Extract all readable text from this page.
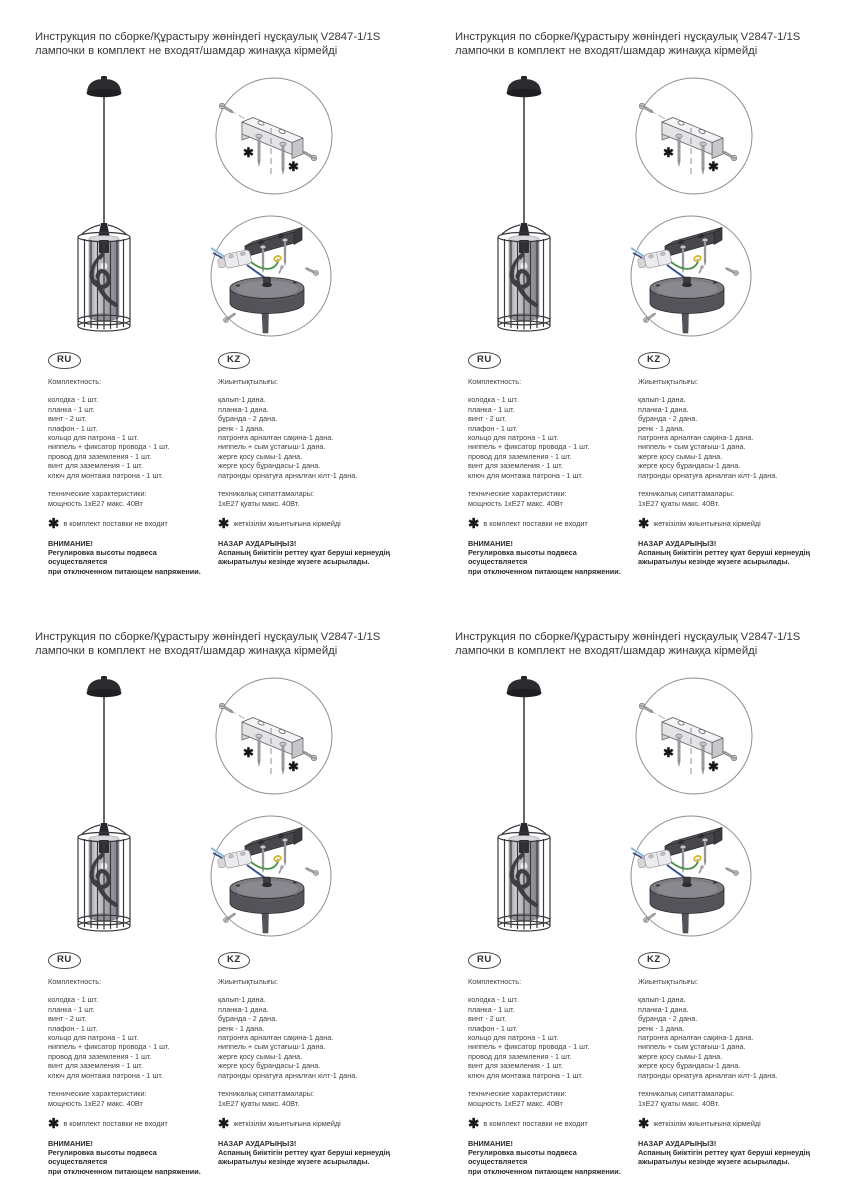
Инструкция по сборке/Құрастыру жөніндегі нұсқаулық V2847-1/1S
лампочки в комплект не входят/шамдар жинаққа кірмейді
✱
✱
RU

Комплектность:

колодка - 1 шт.
планка - 1 шт.
винт - 2 шт.
плафон - 1 шт.
кольцо для патрона - 1 шт.
ниппель + фиксатор провода - 1 шт.
провод для заземления - 1 шт.
винт для заземления - 1 шт.
ключ для монтажа патрона - 1 шт.

технические характеристики:
мощность 1хЕ27 макс. 40Вт

✱ в комплект поставки не входит

ВНИМАНИЕ!
Регулировка высоты подвеса осуществляется
при отключенном питающем напряжении.

KZ

Жиынтықтылығы:

қалып-1 дана.
планка-1 дана.
бұранда - 2 дана.
ренк - 1 дана.
патронға арналған сақина-1 дана.
ниппель + сым ұстағыш-1 дана.
жерге қосу сымы-1 дана.
жерге қосу бұрандасы-1 дана.
патронды орнатуға арналған кілт-1 дана.

техникалық сипаттамалары:
1хЕ27 қуаты макс. 40Вт.

✱ жеткізілім жиынтығына кірмейді

НАЗАР АУДАРЫҢЫЗ!
Аспаның биіктігін реттеу қуат беруші кернеудің
ажыратылуы кезінде жүзеге асырылады.

Инструкция по сборке/Құрастыру жөніндегі нұсқаулық V2847-1/1S
лампочки в комплект не входят/шамдар жинаққа кірмейді
✱
✱
RU

Комплектность:

колодка - 1 шт.
планка - 1 шт.
винт - 2 шт.
плафон - 1 шт.
кольцо для патрона - 1 шт.
ниппель + фиксатор провода - 1 шт.
провод для заземления - 1 шт.
винт для заземления - 1 шт.
ключ для монтажа патрона - 1 шт.

технические характеристики:
мощность 1хЕ27 макс. 40Вт

✱ в комплект поставки не входит

ВНИМАНИЕ!
Регулировка высоты подвеса осуществляется
при отключенном питающем напряжении.

KZ

Жиынтықтылығы:

қалып-1 дана.
планка-1 дана.
бұранда - 2 дана.
ренк - 1 дана.
патронға арналған сақина-1 дана.
ниппель + сым ұстағыш-1 дана.
жерге қосу сымы-1 дана.
жерге қосу бұрандасы-1 дана.
патронды орнатуға арналған кілт-1 дана.

техникалық сипаттамалары:
1хЕ27 қуаты макс. 40Вт.

✱ жеткізілім жиынтығына кірмейді

НАЗАР АУДАРЫҢЫЗ!
Аспаның биіктігін реттеу қуат беруші кернеудің
ажыратылуы кезінде жүзеге асырылады.

Инструкция по сборке/Құрастыру жөніндегі нұсқаулық V2847-1/1S
лампочки в комплект не входят/шамдар жинаққа кірмейді
✱
✱
RU

Комплектность:

колодка - 1 шт.
планка - 1 шт.
винт - 2 шт.
плафон - 1 шт.
кольцо для патрона - 1 шт.
ниппель + фиксатор провода - 1 шт.
провод для заземления - 1 шт.
винт для заземления - 1 шт.
ключ для монтажа патрона - 1 шт.

технические характеристики:
мощность 1хЕ27 макс. 40Вт

✱ в комплект поставки не входит

ВНИМАНИЕ!
Регулировка высоты подвеса осуществляется
при отключенном питающем напряжении.

KZ

Жиынтықтылығы:

қалып-1 дана.
планка-1 дана.
бұранда - 2 дана.
ренк - 1 дана.
патронға арналған сақина-1 дана.
ниппель + сым ұстағыш-1 дана.
жерге қосу сымы-1 дана.
жерге қосу бұрандасы-1 дана.
патронды орнатуға арналған кілт-1 дана.

техникалық сипаттамалары:
1хЕ27 қуаты макс. 40Вт.

✱ жеткізілім жиынтығына кірмейді

НАЗАР АУДАРЫҢЫЗ!
Аспаның биіктігін реттеу қуат беруші кернеудің
ажыратылуы кезінде жүзеге асырылады.

Инструкция по сборке/Құрастыру жөніндегі нұсқаулық V2847-1/1S
лампочки в комплект не входят/шамдар жинаққа кірмейді
✱
✱
RU

Комплектность:

колодка - 1 шт.
планка - 1 шт.
винт - 2 шт.
плафон - 1 шт.
кольцо для патрона - 1 шт.
ниппель + фиксатор провода - 1 шт.
провод для заземления - 1 шт.
винт для заземления - 1 шт.
ключ для монтажа патрона - 1 шт.

технические характеристики:
мощность 1хЕ27 макс. 40Вт

✱ в комплект поставки не входит

ВНИМАНИЕ!
Регулировка высоты подвеса осуществляется
при отключенном питающем напряжении.

KZ

Жиынтықтылығы:

қалып-1 дана.
планка-1 дана.
бұранда - 2 дана.
ренк - 1 дана.
патронға арналған сақина-1 дана.
ниппель + сым ұстағыш-1 дана.
жерге қосу сымы-1 дана.
жерге қосу бұрандасы-1 дана.
патронды орнатуға арналған кілт-1 дана.

техникалық сипаттамалары:
1хЕ27 қуаты макс. 40Вт.

✱ жеткізілім жиынтығына кірмейді

НАЗАР АУДАРЫҢЫЗ!
Аспаның биіктігін реттеу қуат беруші кернеудің
ажыратылуы кезінде жүзеге асырылады.
